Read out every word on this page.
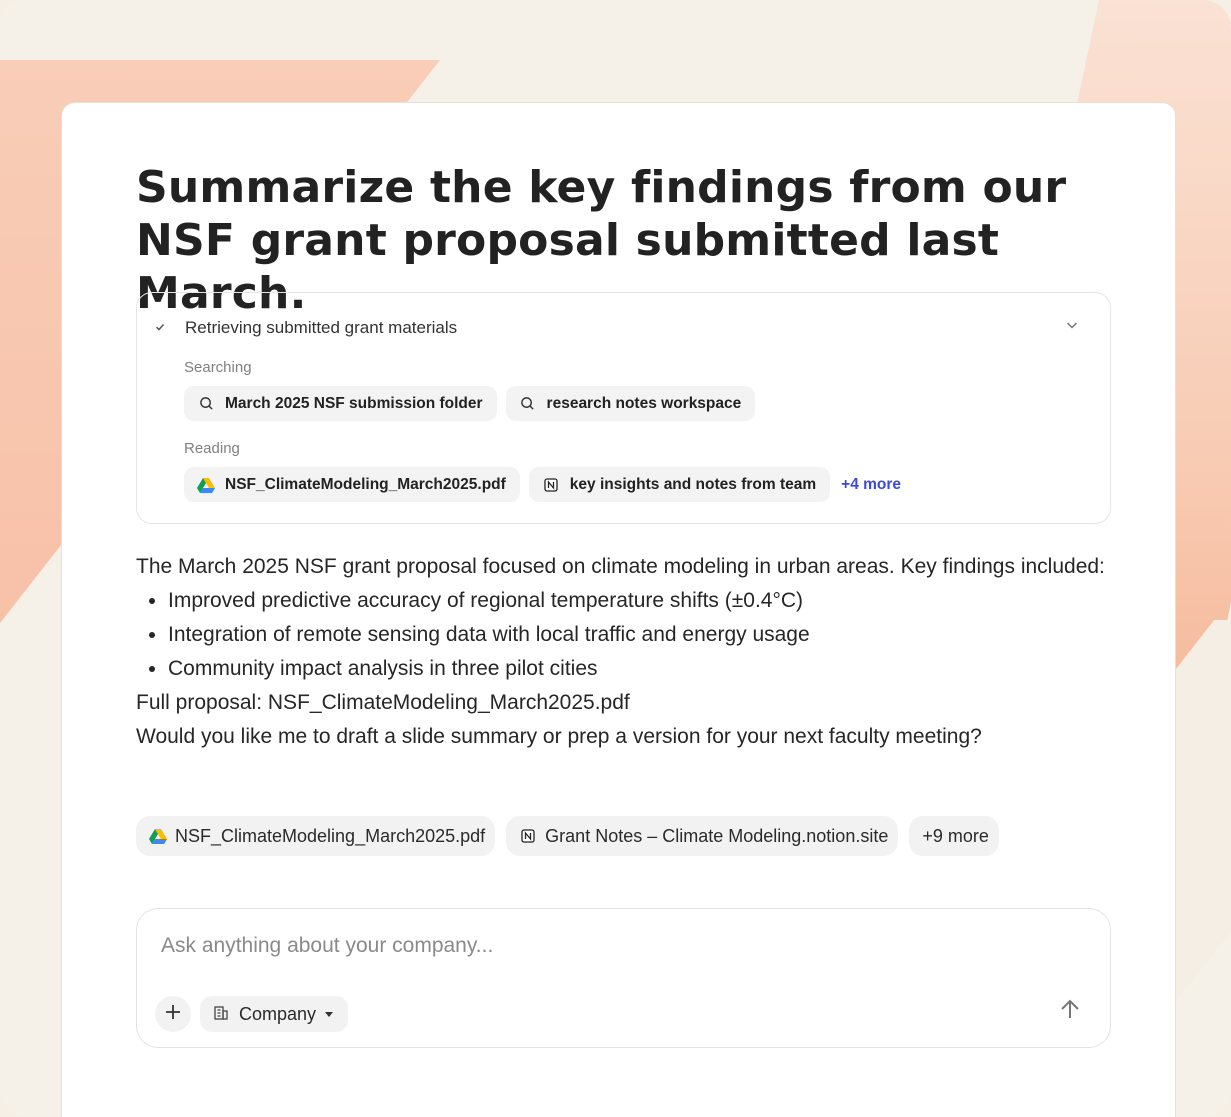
Summarize the key findings from our NSF grant proposal submitted last March.
Retrieving submitted grant materials
Searching
March 2025 NSF submission folder	research notes workspace
Reading
NSF_ClimateModeling_March2025.pdf	key insights and notes from team +4 more
The March 2025 NSF grant proposal focused on climate modeling in urban areas. Key findings included:
• Improved predictive accuracy of regional temperature shifts (±0.4°C)
• Integration of remote sensing data with local traffic and energy usage
• Community impact analysis in three pilot cities
Full proposal: NSF_ClimateModeling_March2025.pdf
Would you like me to draft a slide summary or prep a version for your next faculty meeting?
NSF_ClimateModeling_March2025.pdf	Grant Notes – Climate Modeling.notion.site +9 more
Ask anything about your company...
Company
